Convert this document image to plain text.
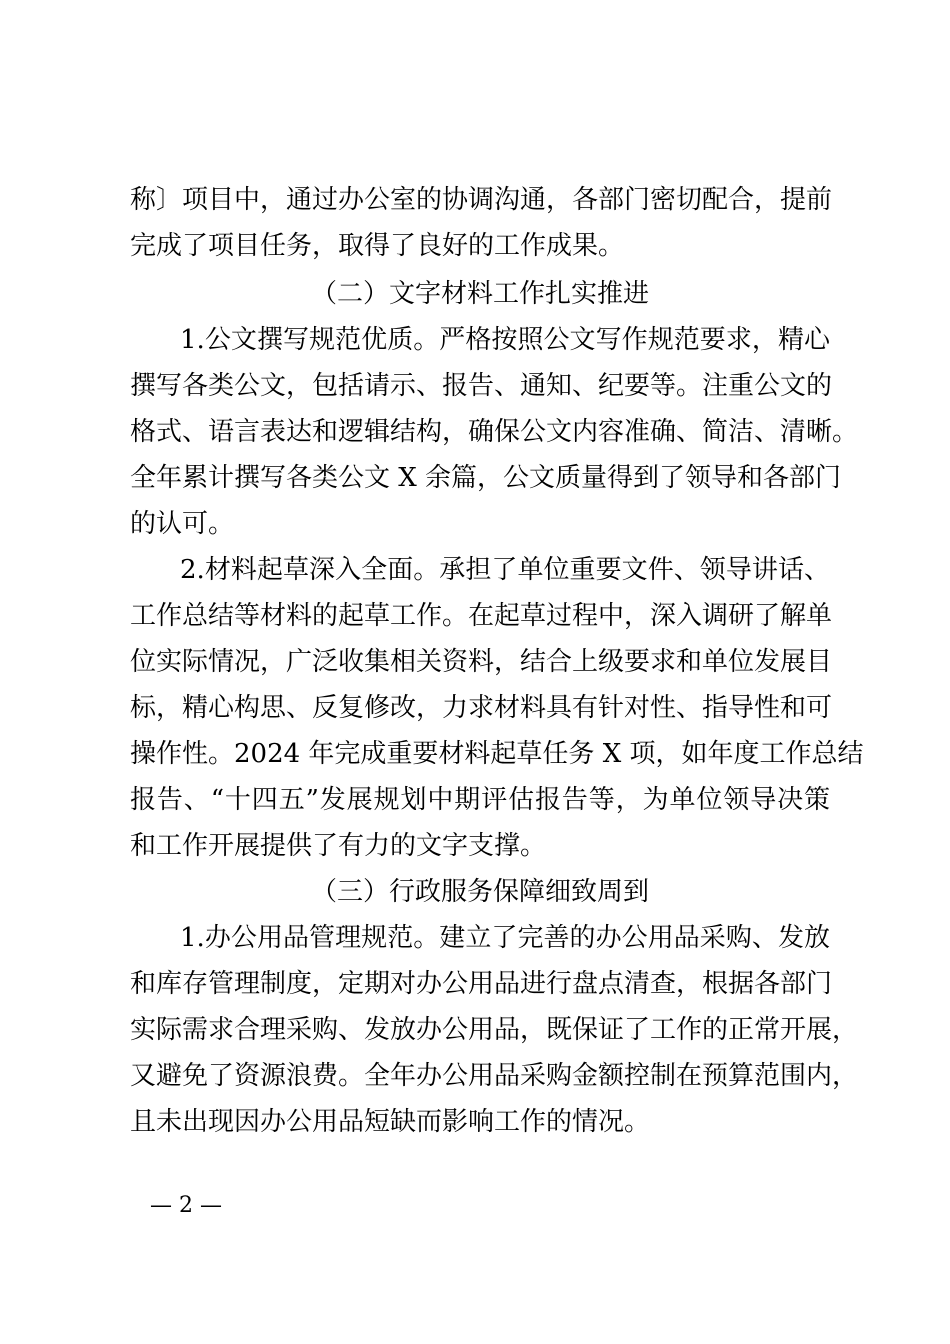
称〕项目中，通过办公室的协调沟通，各部门密切配合，提前
完成了项目任务，取得了良好的工作成果。
（二）文字材料工作扎实推进
1.公文撰写规范优质。严格按照公文写作规范要求，精心
撰写各类公文，包括请示、报告、通知、纪要等。注重公文的
格式、语言表达和逻辑结构，确保公文内容准确、简洁、清晰。
全年累计撰写各类公文 X 余篇，公文质量得到了领导和各部门
的认可。
2.材料起草深入全面。承担了单位重要文件、领导讲话、
工作总结等材料的起草工作。在起草过程中，深入调研了解单
位实际情况，广泛收集相关资料，结合上级要求和单位发展目
标，精心构思、反复修改，力求材料具有针对性、指导性和可
操作性。2024 年完成重要材料起草任务 X 项，如年度工作总结
报告、“十四五”发展规划中期评估报告等，为单位领导决策
和工作开展提供了有力的文字支撑。
（三）行政服务保障细致周到
1.办公用品管理规范。建立了完善的办公用品采购、发放
和库存管理制度，定期对办公用品进行盘点清查，根据各部门
实际需求合理采购、发放办公用品，既保证了工作的正常开展，
又避免了资源浪费。全年办公用品采购金额控制在预算范围内，
且未出现因办公用品短缺而影响工作的情况。
— 2 —
